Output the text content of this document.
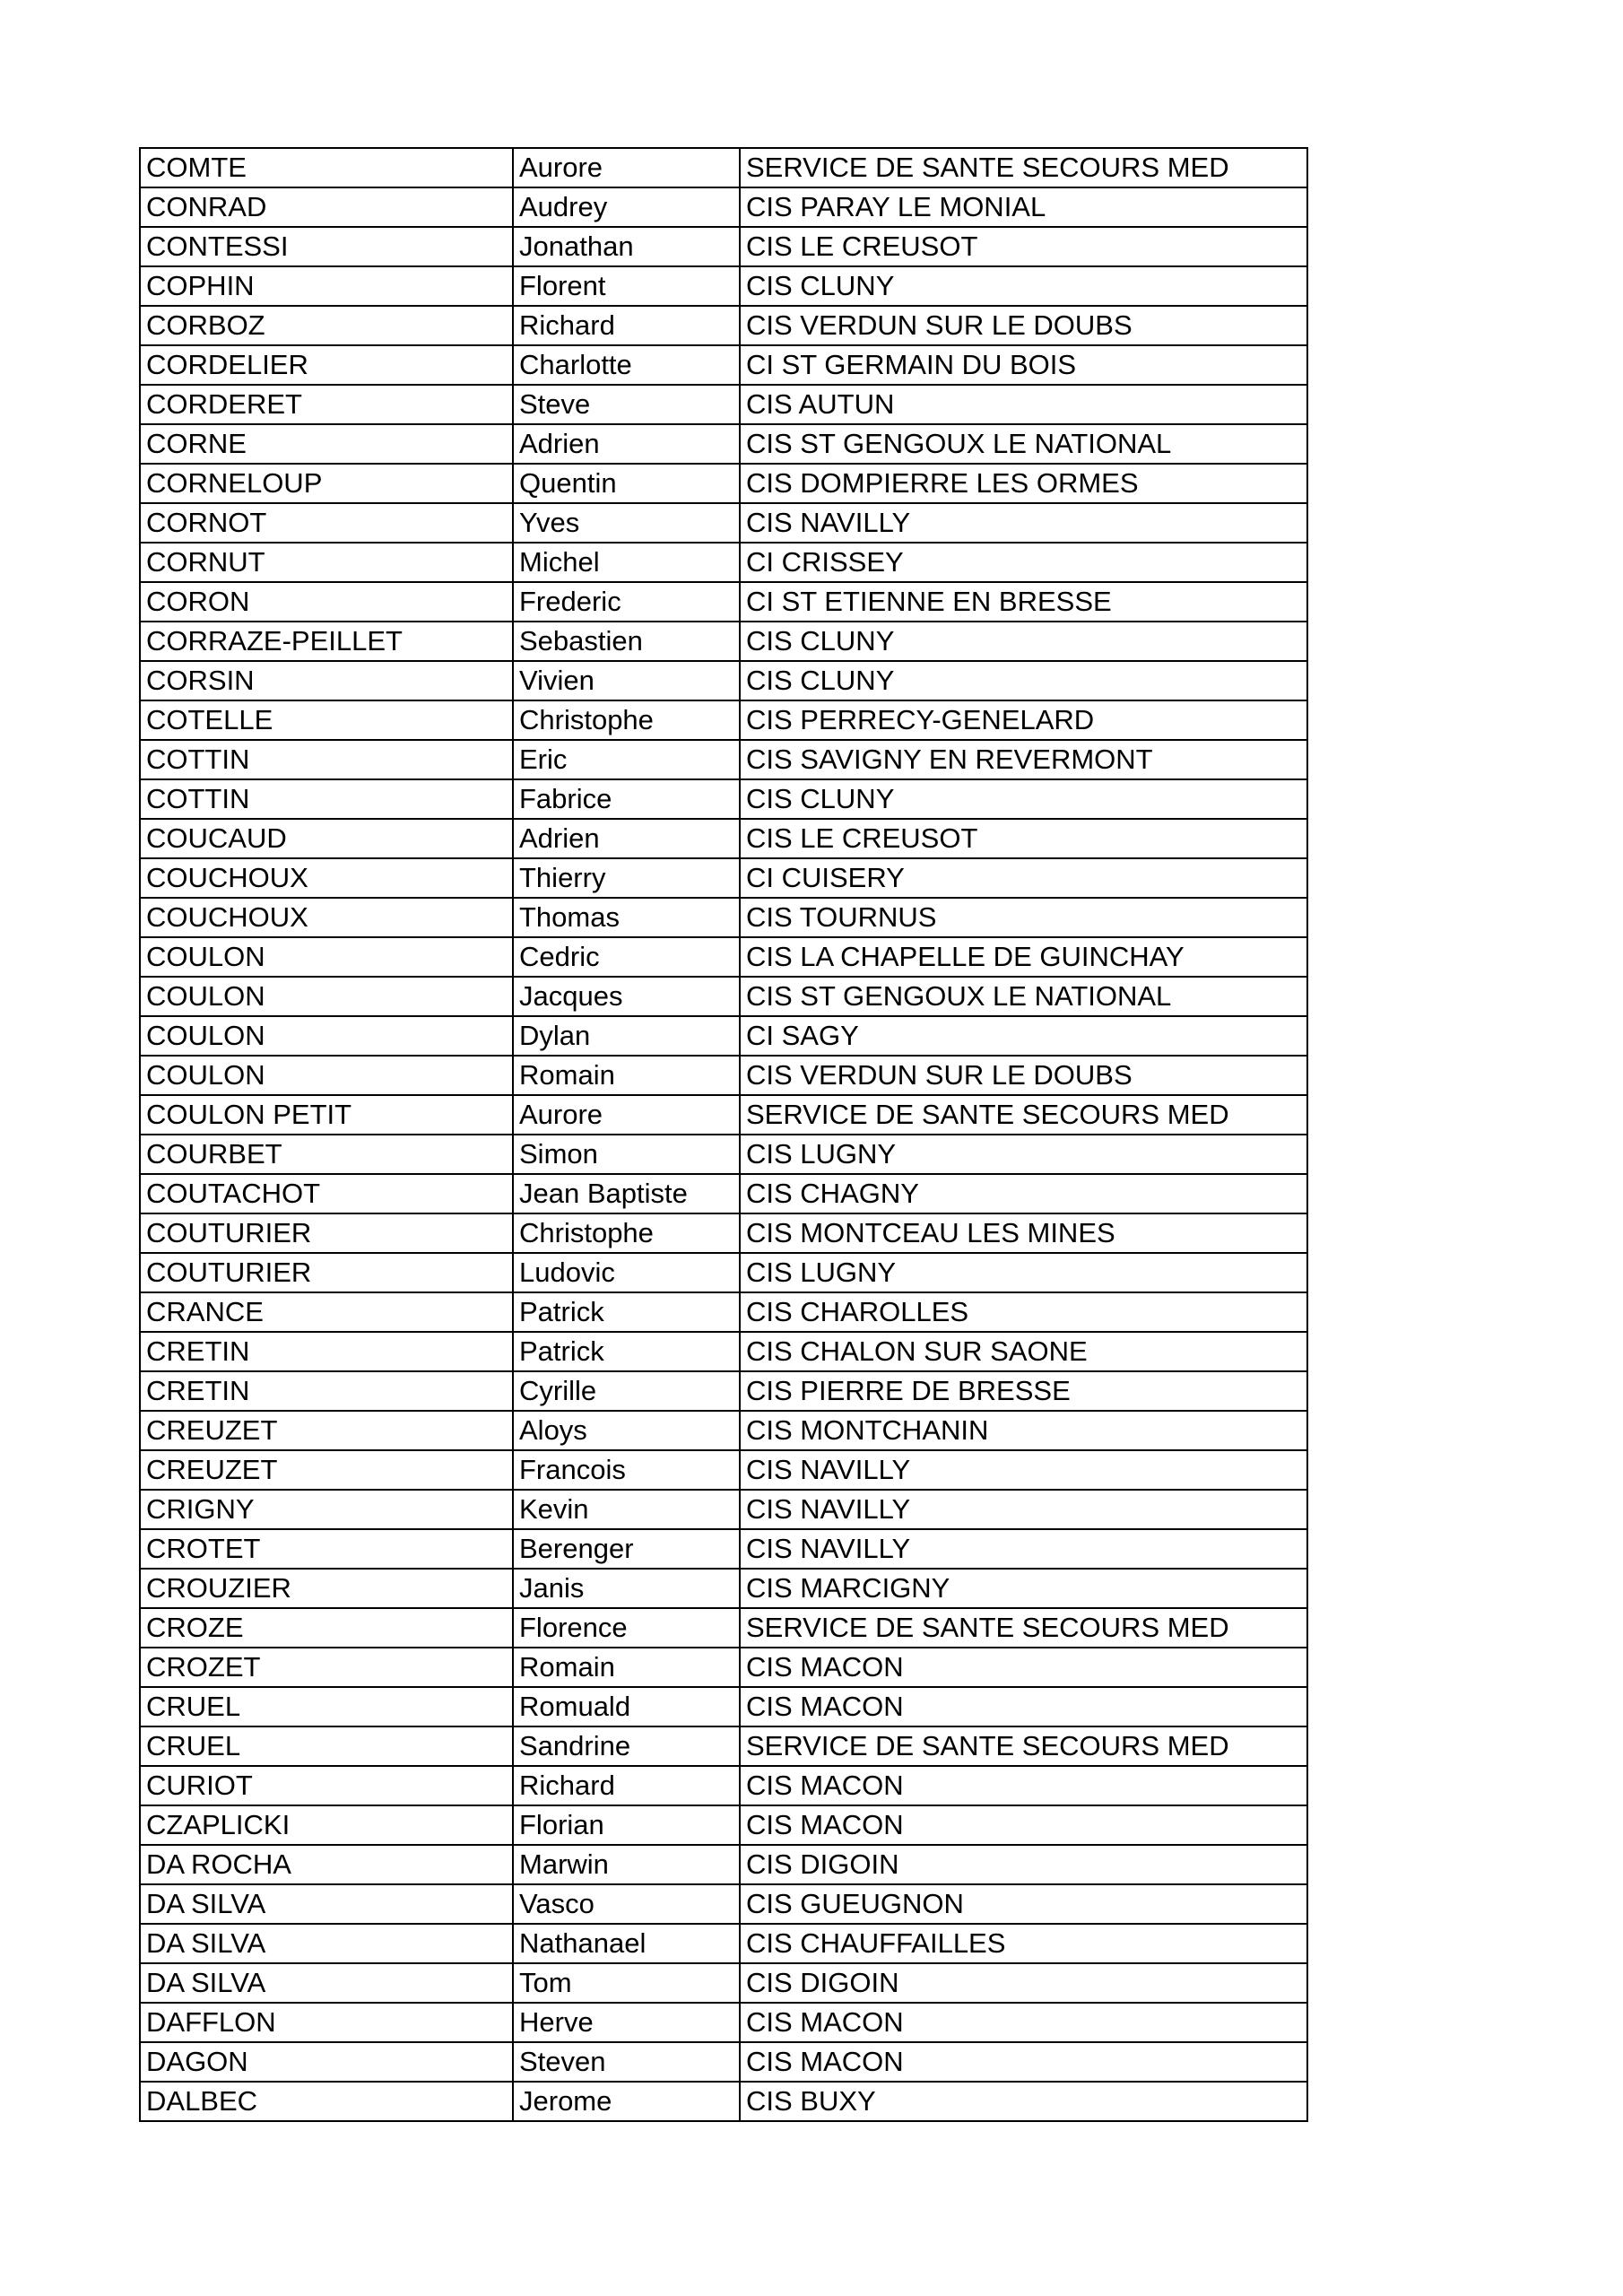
COMTE	Aurore	SERVICE DE SANTE SECOURS MED
CONRAD	Audrey	CIS PARAY LE MONIAL
CONTESSI	Jonathan	CIS LE CREUSOT
COPHIN	Florent	CIS CLUNY
CORBOZ	Richard	CIS VERDUN SUR LE DOUBS
CORDELIER	Charlotte	CI ST GERMAIN DU BOIS
CORDERET	Steve	CIS AUTUN
CORNE	Adrien	CIS ST GENGOUX LE NATIONAL
CORNELOUP	Quentin	CIS DOMPIERRE LES ORMES
CORNOT	Yves	CIS NAVILLY
CORNUT	Michel	CI CRISSEY
CORON	Frederic	CI ST ETIENNE EN BRESSE
CORRAZE-PEILLET	Sebastien	CIS CLUNY
CORSIN	Vivien	CIS CLUNY
COTELLE	Christophe	CIS PERRECY-GENELARD
COTTIN	Eric	CIS SAVIGNY EN REVERMONT
COTTIN	Fabrice	CIS CLUNY
COUCAUD	Adrien	CIS LE CREUSOT
COUCHOUX	Thierry	CI CUISERY
COUCHOUX	Thomas	CIS TOURNUS
COULON	Cedric	CIS LA CHAPELLE DE GUINCHAY
COULON	Jacques	CIS ST GENGOUX LE NATIONAL
COULON	Dylan	CI SAGY
COULON	Romain	CIS VERDUN SUR LE DOUBS
COULON PETIT	Aurore	SERVICE DE SANTE SECOURS MED
COURBET	Simon	CIS LUGNY
COUTACHOT	Jean Baptiste	CIS CHAGNY
COUTURIER	Christophe	CIS MONTCEAU LES MINES
COUTURIER	Ludovic	CIS LUGNY
CRANCE	Patrick	CIS CHAROLLES
CRETIN	Patrick	CIS CHALON SUR SAONE
CRETIN	Cyrille	CIS PIERRE DE BRESSE
CREUZET	Aloys	CIS MONTCHANIN
CREUZET	Francois	CIS NAVILLY
CRIGNY	Kevin	CIS NAVILLY
CROTET	Berenger	CIS NAVILLY
CROUZIER	Janis	CIS MARCIGNY
CROZE	Florence	SERVICE DE SANTE SECOURS MED
CROZET	Romain	CIS MACON
CRUEL	Romuald	CIS MACON
CRUEL	Sandrine	SERVICE DE SANTE SECOURS MED
CURIOT	Richard	CIS MACON
CZAPLICKI	Florian	CIS MACON
DA ROCHA	Marwin	CIS DIGOIN
DA SILVA	Vasco	CIS GUEUGNON
DA SILVA	Nathanael	CIS CHAUFFAILLES
DA SILVA	Tom	CIS DIGOIN
DAFFLON	Herve	CIS MACON
DAGON	Steven	CIS MACON
DALBEC	Jerome	CIS BUXY
